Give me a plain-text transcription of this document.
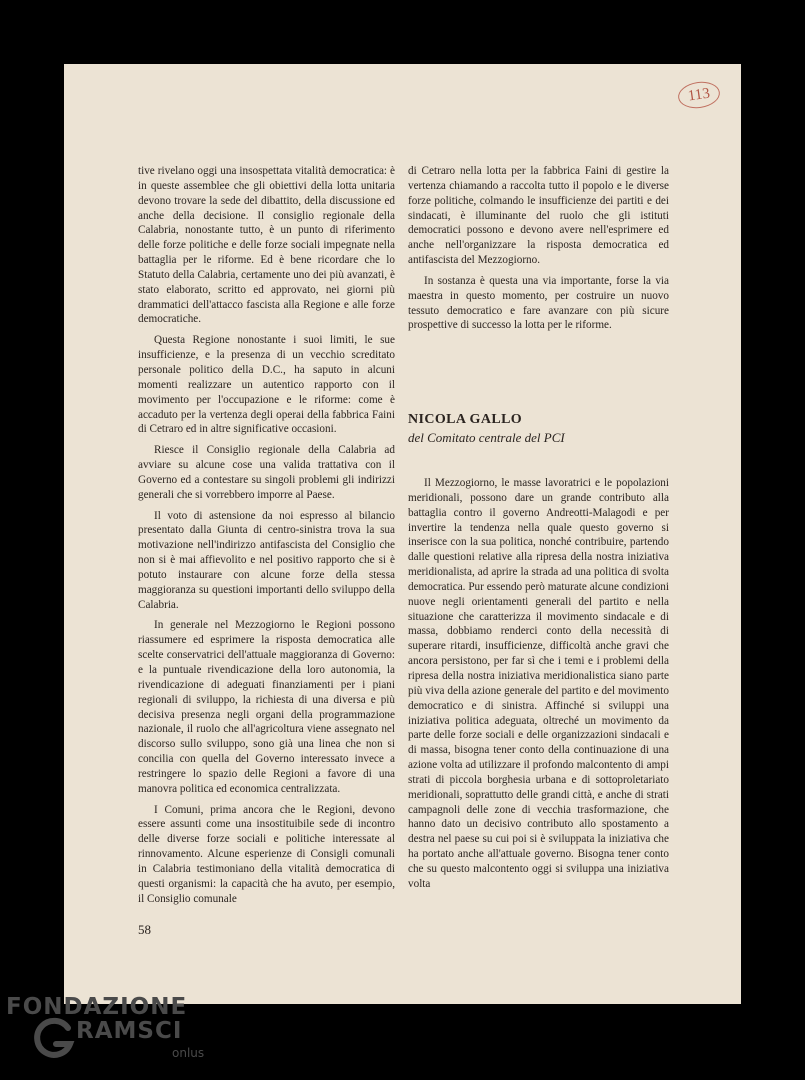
113

tive rivelano oggi una insospettata vitalità democratica: è in queste assemblee che gli obiettivi della lotta unitaria devono trovare la sede del dibattito, della discussione ed anche della decisione. Il consiglio regionale della Calabria, nonostante tutto, è un punto di riferimento delle forze politiche e delle forze sociali impegnate nella battaglia per le riforme. Ed è bene ricordare che lo Statuto della Calabria, certamente uno dei più avanzati, è stato elaborato, scritto ed approvato, nei giorni più drammatici dell'attacco fascista alla Regione e alle forze democratiche.

Questa Regione nonostante i suoi limiti, le sue insufficienze, e la presenza di un vecchio screditato personale politico della D.C., ha saputo in alcuni momenti realizzare un autentico rapporto con il movimento per l'occupazione e le riforme: come è accaduto per la vertenza degli operai della fabbrica Faini di Cetraro ed in altre significative occasioni.

Riesce il Consiglio regionale della Calabria ad avviare su alcune cose una valida trattativa con il Governo ed a contestare su singoli problemi gli indirizzi generali che si vorrebbero imporre al Paese.

Il voto di astensione da noi espresso al bilancio presentato dalla Giunta di centro-sinistra trova la sua motivazione nell'indirizzo antifascista del Consiglio che non si è mai affievolito e nel positivo rapporto che si è potuto instaurare con alcune forze della stessa maggioranza su questioni importanti dello sviluppo della Calabria.

In generale nel Mezzogiorno le Regioni possono riassumere ed esprimere la risposta democratica alle scelte conservatrici dell'attuale maggioranza di Governo: e la puntuale rivendicazione della loro autonomia, la rivendicazione di adeguati finanziamenti per i piani regionali di sviluppo, la richiesta di una diversa e più decisiva presenza negli organi della programmazione nazionale, il ruolo che all'agricoltura viene assegnato nel discorso sullo sviluppo, sono già una linea che non si concilia con quella del Governo interessato invece a restringere lo spazio delle Regioni a favore di una manovra politica ed economica centralizzata.

I Comuni, prima ancora che le Regioni, devono essere assunti come una insostituibile sede di incontro delle diverse forze sociali e politiche interessate al rinnovamento. Alcune esperienze di Consigli comunali in Calabria testimoniano della vitalità democratica di questi organismi: la capacità che ha avuto, per esempio, il Consiglio comunale

di Cetraro nella lotta per la fabbrica Faini di gestire la vertenza chiamando a raccolta tutto il popolo e le diverse forze politiche, colmando le insufficienze dei partiti e dei sindacati, è illuminante del ruolo che gli istituti democratici possono e devono avere nell'esprimere ed anche nell'organizzare la risposta democratica ed antifascista del Mezzogiorno.

In sostanza è questa una via importante, forse la via maestra in questo momento, per costruire un nuovo tessuto democratico e fare avanzare con più sicure prospettive di successo la lotta per le riforme.

NICOLA GALLO
del Comitato centrale del PCI

Il Mezzogiorno, le masse lavoratrici e le popolazioni meridionali, possono dare un grande contributo alla battaglia contro il governo Andreotti-Malagodi e per invertire la tendenza nella quale questo governo si inserisce con la sua politica, nonché contribuire, partendo dalle questioni relative alla ripresa della nostra iniziativa meridionalista, ad aprire la strada ad una politica di svolta democratica. Pur essendo però maturate alcune condizioni nuove negli orientamenti generali del partito e nella situazione che caratterizza il movimento sindacale e di massa, dobbiamo renderci conto della necessità di superare ritardi, insufficienze, difficoltà anche gravi che ancora persistono, per far sì che i temi e i problemi della ripresa della nostra iniziativa meridionalistica siano parte più viva della azione generale del partito e del movimento democratico e di sinistra. Affinché si sviluppi una iniziativa politica adeguata, oltreché un movimento da parte delle forze sociali e delle organizzazioni sindacali e di massa, bisogna tener conto della continuazione di una azione volta ad utilizzare il profondo malcontento di ampi strati di piccola borghesia urbana e di sottoproletariato meridionali, soprattutto delle grandi città, e anche di strati campagnoli delle zone di vecchia trasformazione, che hanno dato un decisivo contributo allo spostamento a destra nel paese su cui poi si è sviluppata la iniziativa che ha portato anche all'attuale governo. Bisogna tener conto che su questo malcontento oggi si sviluppa una iniziativa volta

58
FONDAZIONE
RAMSCI
onlus
